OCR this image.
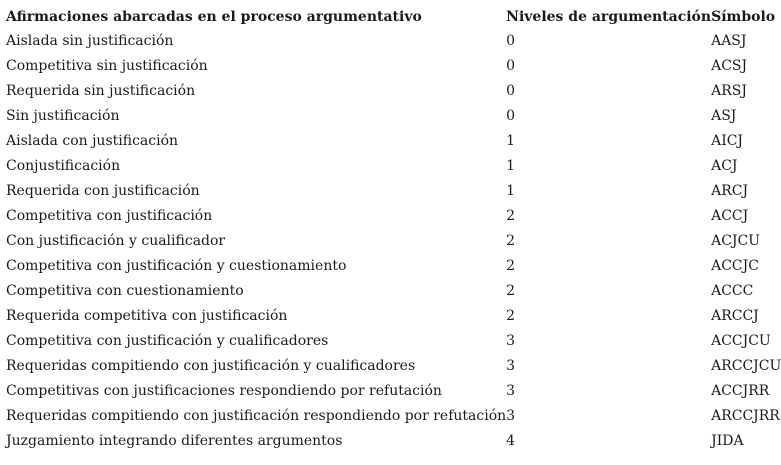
Afirmaciones abarcadas en el proceso argumentativo	Niveles de argumentación	Símbolo
Aislada sin justificación	0	AASJ
Competitiva sin justificación	0	ACSJ
Requerida sin justificación	0	ARSJ
Sin justificación	0	ASJ
Aislada con justificación	1	AICJ
Conjustificación	1	ACJ
Requerida con justificación	1	ARCJ
Competitiva con justificación	2	ACCJ
Con justificación y cualificador	2	ACJCU
Competitiva con justificación y cuestionamiento	2	ACCJC
Competitiva con cuestionamiento	2	ACCC
Requerida competitiva con justificación	2	ARCCJ
Competitiva con justificación y cualificadores	3	ACCJCU
Requeridas compitiendo con justificación y cualificadores	3	ARCCJCU
Competitivas con justificaciones respondiendo por refutación	3	ACCJRR
Requeridas compitiendo con justificación respondiendo por refutación	3	ARCCJRR
Juzgamiento integrando diferentes argumentos	4	JIDA
